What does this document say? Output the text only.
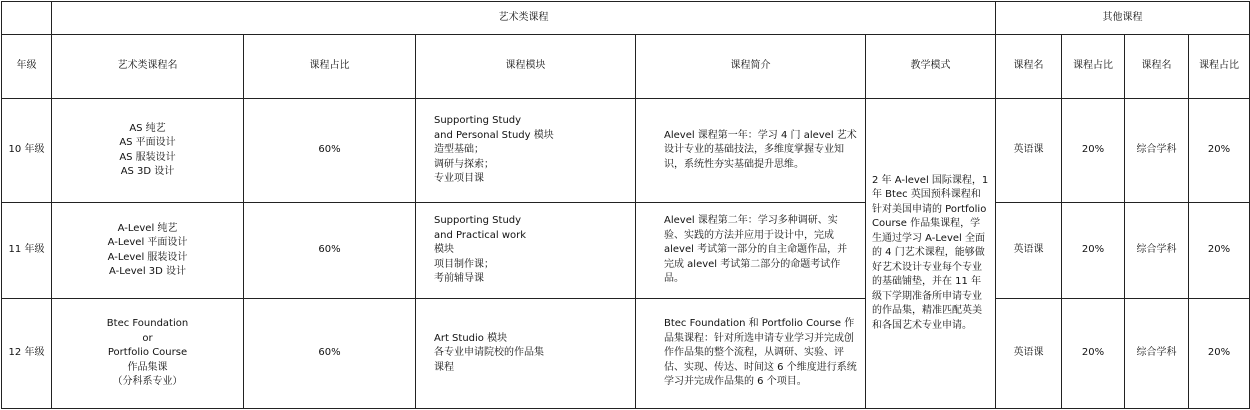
	艺术类课程					其他课程			
年级	艺术类课程名	课程占比	课程模块	课程简介	教学模式	课程名	课程占比	课程名	课程占比
10 年级	AS 纯艺
AS 平面设计
AS 服装设计
AS 3D 设计	60%	Supporting Study
and Personal Study 模块
造型基础；
调研与探索；
专业项目课	Alevel 课程第一年：学习 4 门 alevel 艺术设计专业的基础技法，多维度掌握专业知识，系统性夯实基础提升思维。	2 年 A-level 国际课程，1 年 Btec 英国预科课程和针对美国申请的 Portfolio Course 作品集课程，学生通过学习 A-Level 全面的 4 门艺术课程，能够做好艺术设计专业每个专业的基础铺垫，并在 11 年级下学期准备所申请专业的作品集，精准匹配英美和各国艺术专业申请。	英语课	20%	综合学科	20%
11 年级	A-Level 纯艺
A-Level 平面设计
A-Level 服装设计
A-Level 3D 设计	60%	Supporting Study
and Practical work
模块
项目制作课；
考前辅导课	Alevel 课程第二年：学习多种调研、实验、实践的方法并应用于设计中，完成 alevel 考试第一部分的自主命题作品，并完成 alevel 考试第二部分的命题考试作品。		英语课	20%	综合学科	20%
12 年级	Btec Foundation
or
Portfolio Course
作品集课
（分科系专业）	60%	Art Studio 模块
各专业申请院校的作品集
课程	Btec Foundation 和 Portfolio Course 作品集课程：针对所选申请专业学习并完成创作作品集的整个流程，从调研、实验、评估、实现、传达、时间这 6 个维度进行系统学习并完成作品集的 6 个项目。		英语课	20%	综合学科	20%
